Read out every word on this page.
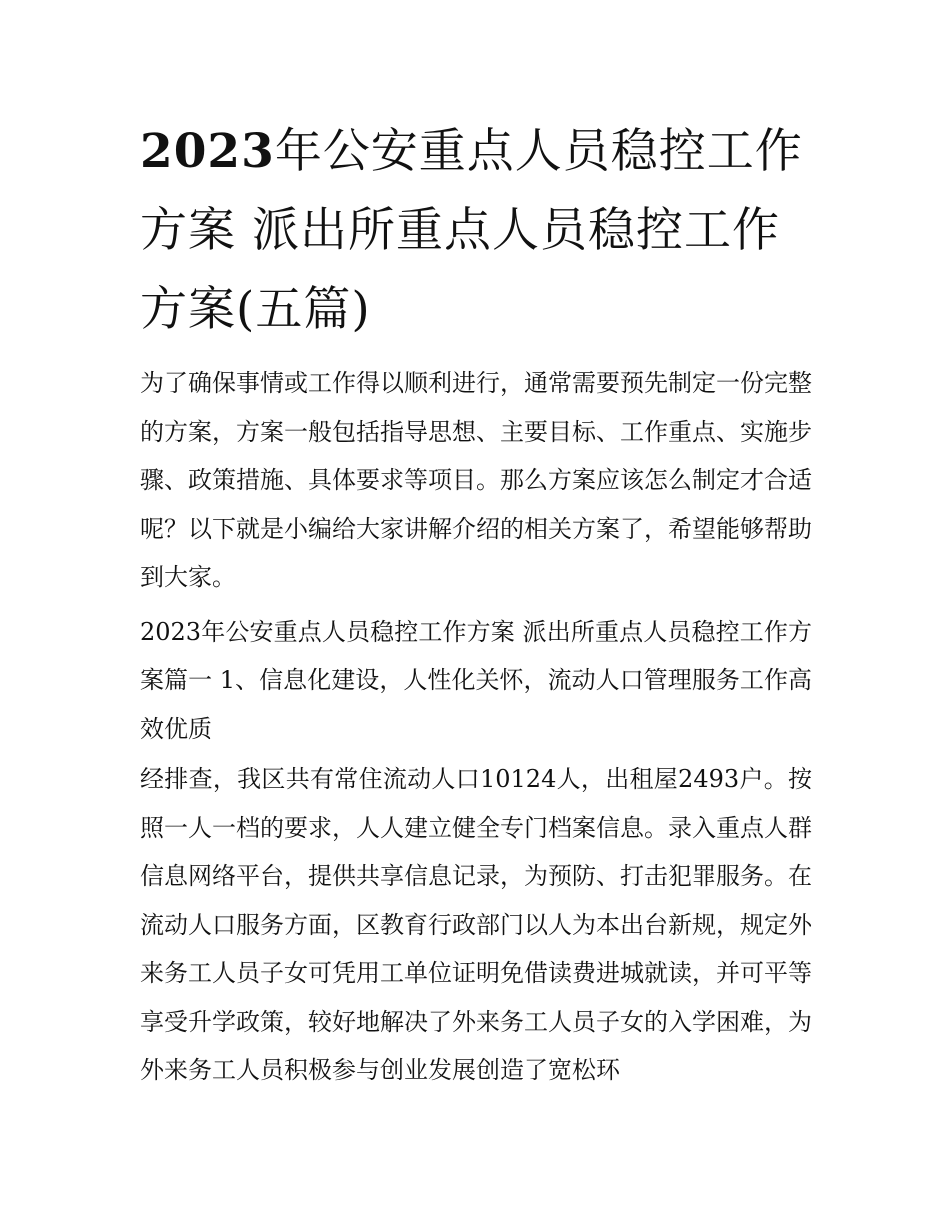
2023年公安重点人员稳控工作方案 派出所重点人员稳控工作方案(五篇)

为了确保事情或工作得以顺利进行，通常需要预先制定一份完整的方案，方案一般包括指导思想、主要目标、工作重点、实施步骤、政策措施、具体要求等项目。那么方案应该怎么制定才合适呢？以下就是小编给大家讲解介绍的相关方案了，希望能够帮助到大家。

2023年公安重点人员稳控工作方案 派出所重点人员稳控工作方案篇一 1、信息化建设，人性化关怀，流动人口管理服务工作高效优质

经排查，我区共有常住流动人口10124人，出租屋2493户。按照一人一档的要求，人人建立健全专门档案信息。录入重点人群信息网络平台，提供共享信息记录，为预防、打击犯罪服务。在流动人口服务方面，区教育行政部门以人为本出台新规，规定外来务工人员子女可凭用工单位证明免借读费进城就读，并可平等享受升学政策，较好地解决了外来务工人员子女的入学困难，为外来务工人员积极参与创业发展创造了宽松环
